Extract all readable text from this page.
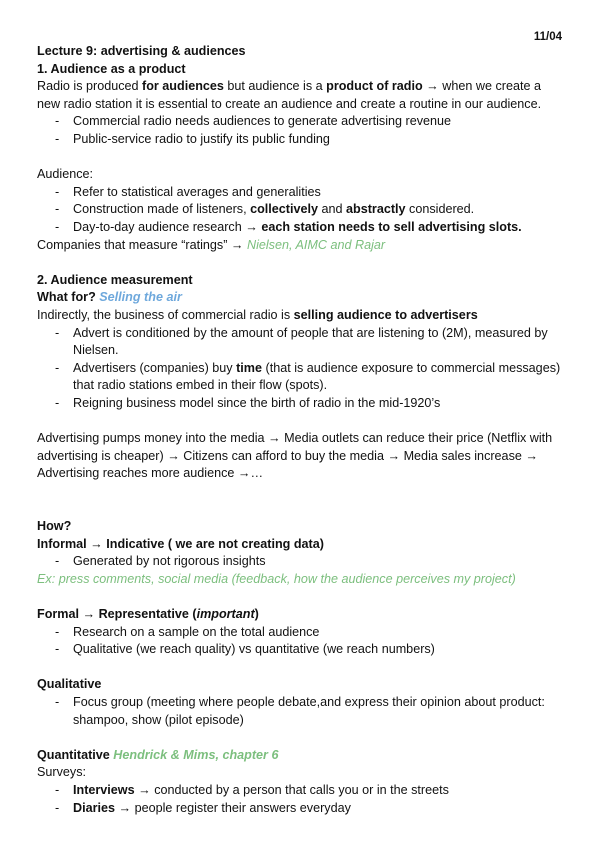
11/04

Lecture 9: advertising & audiences

1. Audience as a product

Radio is produced for audiences but audience is a product of radio → when we create a new radio station it is essential to create an audience and create a routine in our audience.

- Commercial radio needs audiences to generate advertising revenue
- Public-service radio to justify its public funding

Audience:

- Refer to statistical averages and generalities
- Construction made of listeners, collectively and abstractly considered.
- Day-to-day audience research → each station needs to sell advertising slots.

Companies that measure “ratings” → Nielsen, AIMC and Rajar

2. Audience measurement

What for? Selling the air

Indirectly, the business of commercial radio is selling audience to advertisers

- Advert is conditioned by the amount of people that are listening to (2M), measured by Nielsen.
- Advertisers (companies) buy time (that is audience exposure to commercial messages) that radio stations embed in their flow (spots).
- Reigning business model since the birth of radio in the mid-1920’s

Advertising pumps money into the media → Media outlets can reduce their price (Netflix with advertising is cheaper) → Citizens can afford to buy the media → Media sales increase → Advertising reaches more audience →…

How?

Informal → Indicative ( we are not creating data)

- Generated by not rigorous insights

Ex: press comments, social media (feedback, how the audience perceives my project)

Formal → Representative (important)

- Research on a sample on the total audience
- Qualitative (we reach quality) vs quantitative (we reach numbers)

Qualitative

- Focus group (meeting where people debate,and express their opinion about product: shampoo, show (pilot episode)

Quantitative Hendrick & Mims, chapter 6

Surveys:

- Interviews → conducted by a person that calls you or in the streets
- Diaries → people register their answers everyday
